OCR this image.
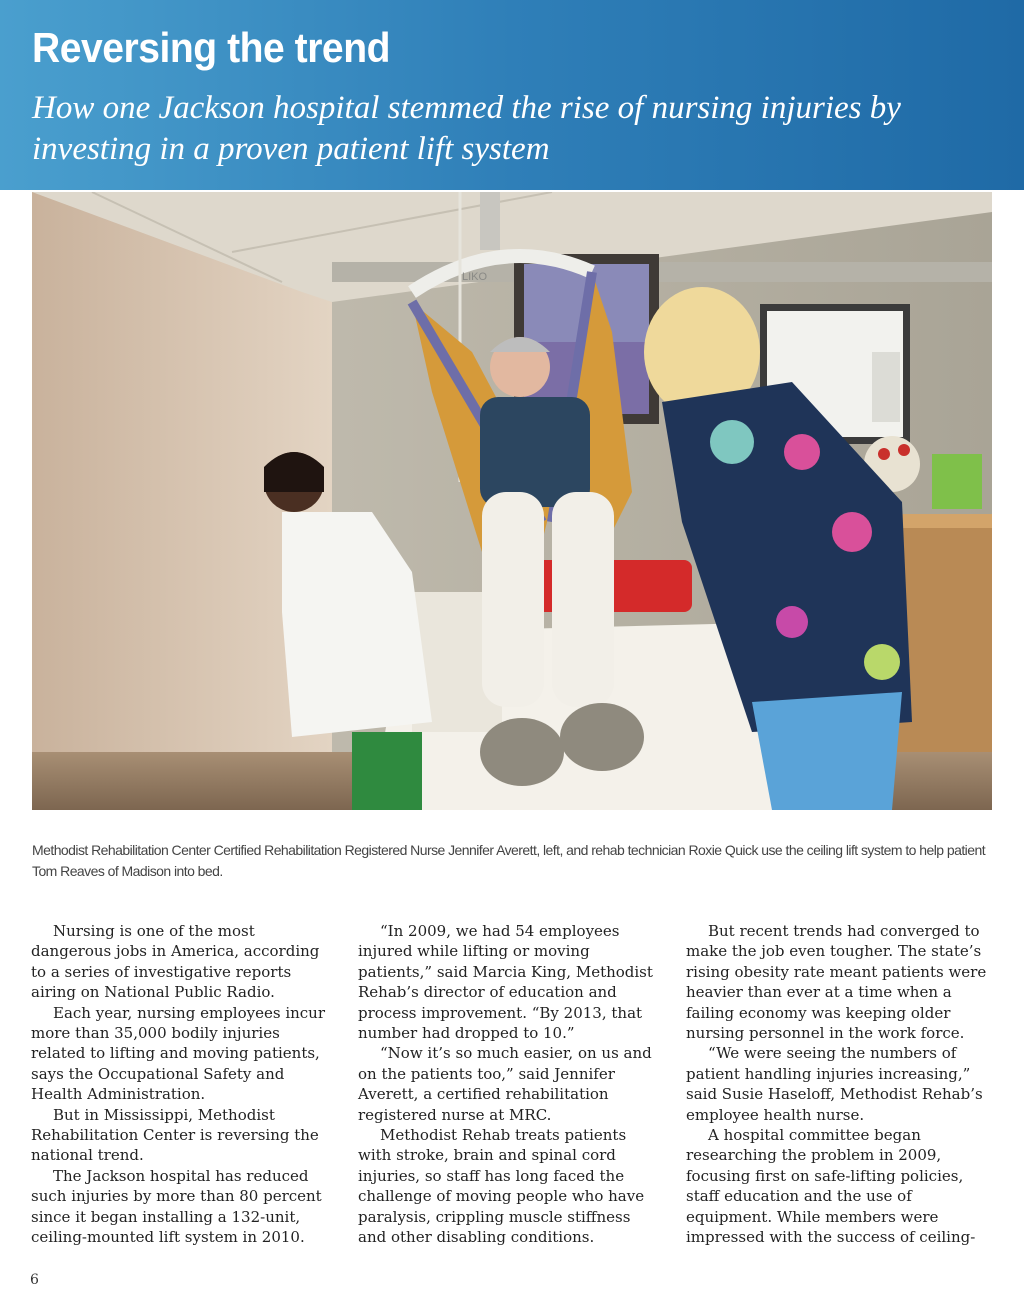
Reversing the trend
How one Jackson hospital stemmed the rise of nursing injuries by investing in a proven patient lift system
LIKO
Methodist Rehabilitation Center Certified Rehabilitation Registered Nurse Jennifer Averett, left, and rehab technician Roxie Quick use the ceiling lift system to help patient Tom Reaves of Madison into bed.

Nursing is one of the most dangerous jobs in America, according to a series of investigative reports airing on National Public Radio.

Each year, nursing employees incur more than 35,000 bodily injuries related to lifting and moving patients, says the Occupational Safety and Health Administration.

But in Mississippi, Methodist Rehabilitation Center is reversing the national trend.

The Jackson hospital has reduced such injuries by more than 80 percent since it began installing a 132-unit, ceiling-mounted lift system in 2010.

“In 2009, we had 54 employees injured while lifting or moving patients,” said Marcia King, Methodist Rehab’s director of education and process improvement. “By 2013, that number had dropped to 10.”

“Now it’s so much easier, on us and on the patients too,” said Jennifer Averett, a certified rehabilitation registered nurse at MRC.

Methodist Rehab treats patients with stroke, brain and spinal cord injuries, so staff has long faced the challenge of moving people who have paralysis, crippling muscle stiffness and other disabling conditions.

But recent trends had converged to make the job even tougher. The state’s rising obesity rate meant patients were heavier than ever at a time when a failing economy was keeping older nursing personnel in the work force.

“We were seeing the numbers of patient handling injuries increasing,” said Susie Haseloff, Methodist Rehab’s employee health nurse.

A hospital committee began researching the problem in 2009, focusing first on safe-lifting policies, staff education and the use of equipment. While members were impressed with the success of ceiling-

6
